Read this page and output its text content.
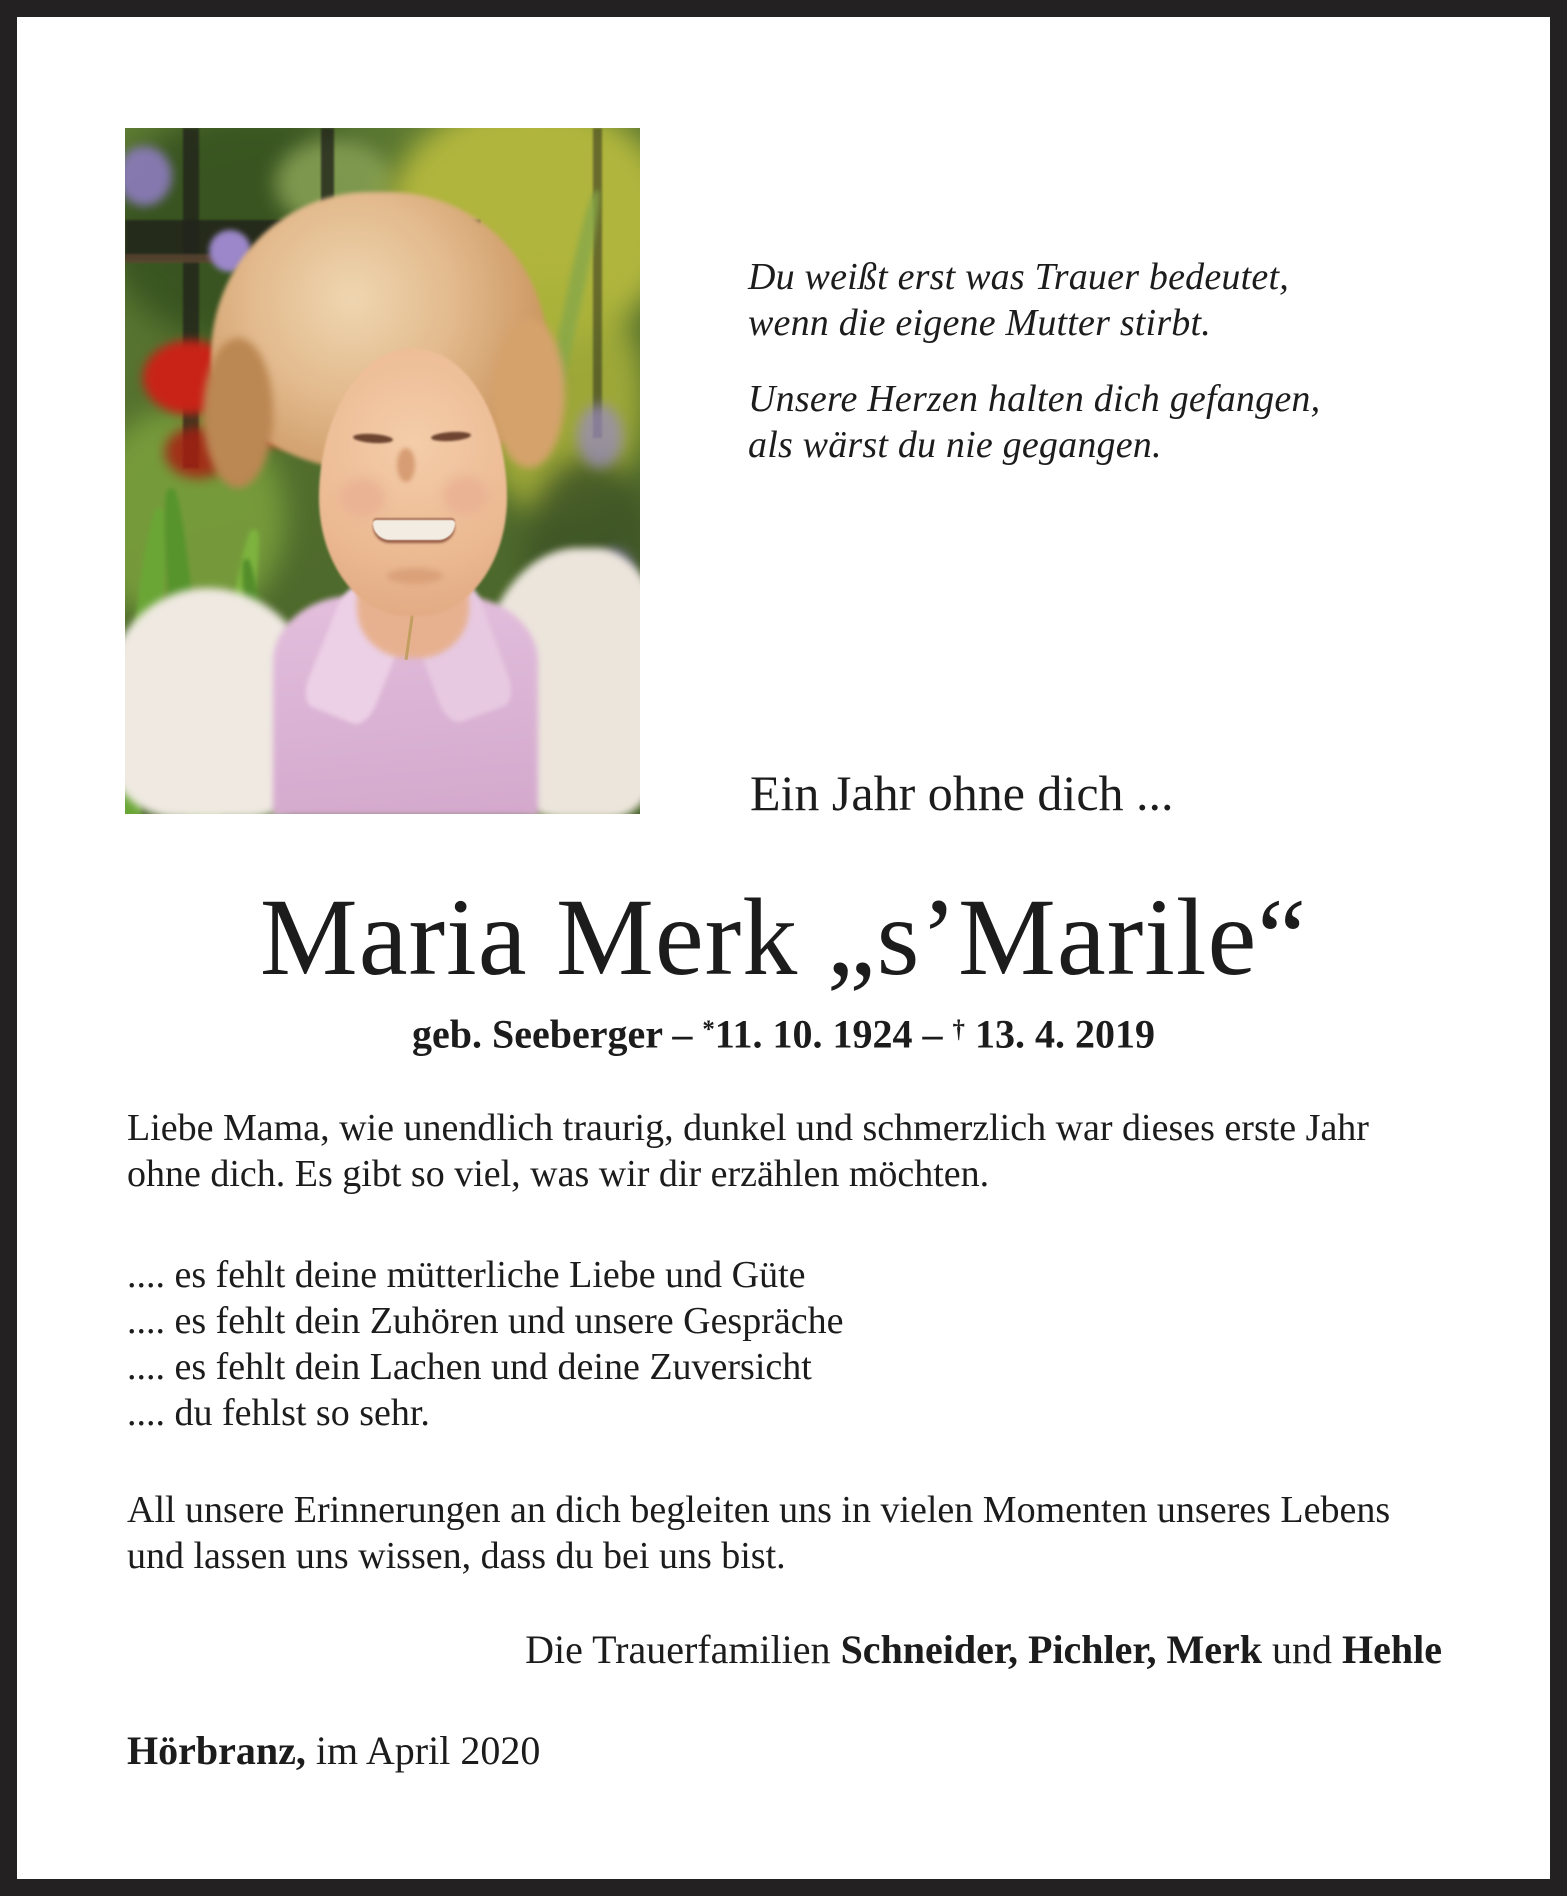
Du weißt erst was Trauer bedeutet,
wenn die eigene Mutter stirbt.
Unsere Herzen halten dich gefangen,
als wärst du nie gegangen.
Ein Jahr ohne dich ...
Maria Merk „s’Marile“
geb. Seeberger – *11. 10. 1924 – † 13. 4. 2019
Liebe Mama, wie unendlich traurig, dunkel und schmerzlich war dieses erste Jahr ohne dich. Es gibt so viel, was wir dir erzählen möchten.
.... es fehlt deine mütterliche Liebe und Güte
.... es fehlt dein Zuhören und unsere Gespräche
.... es fehlt dein Lachen und deine Zuversicht
.... du fehlst so sehr.
All unsere Erinnerungen an dich begleiten uns in vielen Momenten unseres Lebens und lassen uns wissen, dass du bei uns bist.
Die Trauerfamilien Schneider, Pichler, Merk und Hehle
Hörbranz, im April 2020
